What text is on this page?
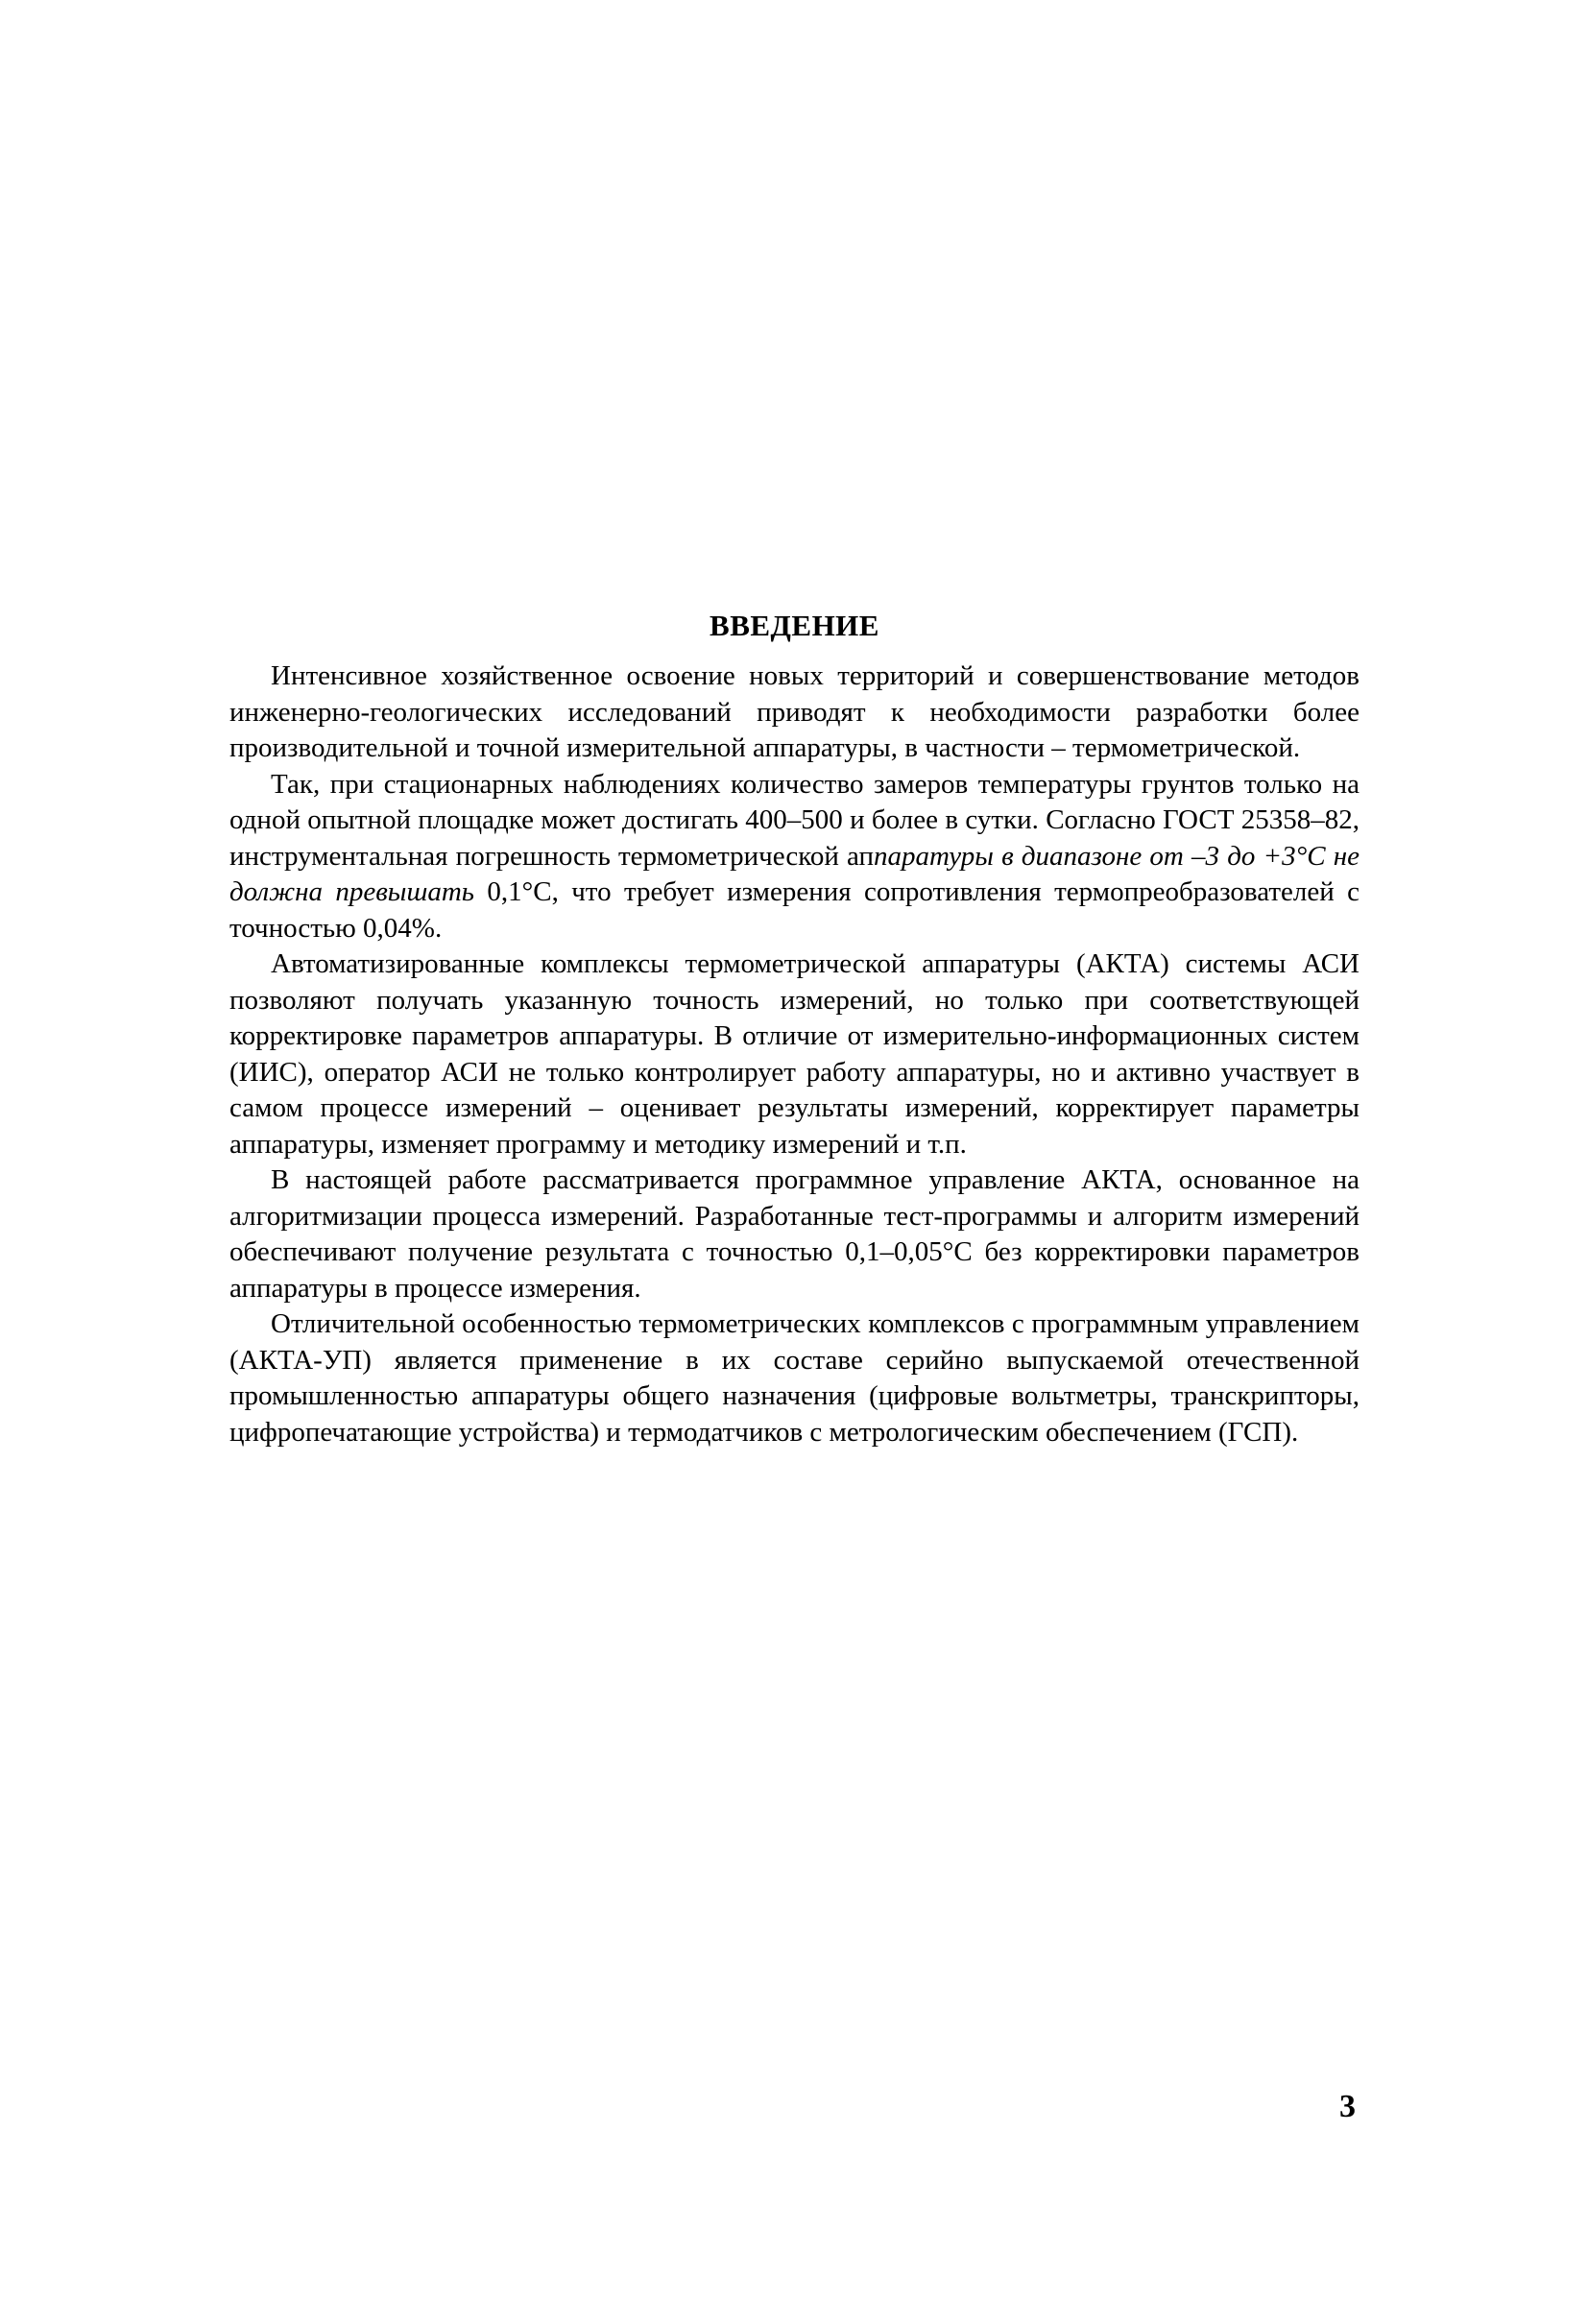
ВВЕДЕНИЕ

Интенсивное хозяйственное освоение новых территорий и совершенствование методов инженерно-геологических исследований приводят к необходимости разработки более производительной и точной измерительной аппаратуры, в частности – термометрической.

Так, при стационарных наблюдениях количество замеров температуры грунтов только на одной опытной площадке может достигать 400–500 и более в сутки. Согласно ГОСТ 25358–82, инструментальная погрешность термометрической аппаратуры в диапазоне от –3 до +3°С не должна превышать 0,1°С, что требует измерения сопротивления термопреобразователей с точностью 0,04%.

Автоматизированные комплексы термометрической аппаратуры (АКТА) системы АСИ позволяют получать указанную точность измерений, но только при соответствующей корректировке параметров аппаратуры. В отличие от измерительно-информационных систем (ИИС), оператор АСИ не только контролирует работу аппаратуры, но и активно участвует в самом процессе измерений – оценивает результаты измерений, корректирует параметры аппаратуры, изменяет программу и методику измерений и т.п.

В настоящей работе рассматривается программное управление АКТА, основанное на алгоритмизации процесса измерений. Разработанные тест-программы и алгоритм измерений обеспечивают получение результата с точностью 0,1–0,05°С без корректировки параметров аппаратуры в процессе измерения.

Отличительной особенностью термометрических комплексов с программным управлением (АКТА-УП) является применение в их составе серийно выпускаемой отечественной промышленностью аппаратуры общего назначения (цифровые вольтметры, транскрипторы, цифропечатающие устройства) и термодатчиков с метрологическим обеспечением (ГСП).

3
